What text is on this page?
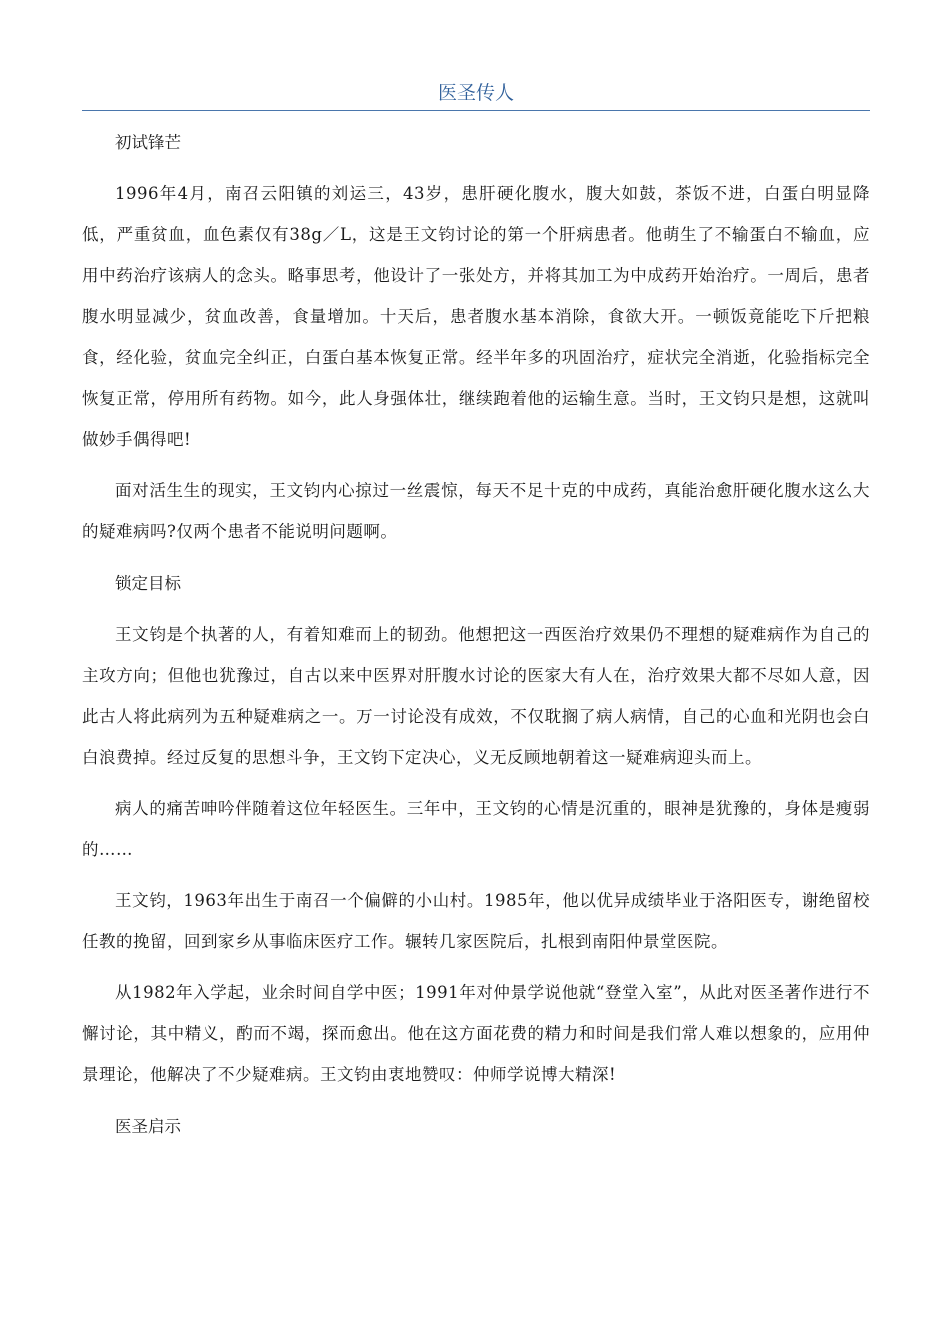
医圣传人
初试锋芒

1996年4月，南召云阳镇的刘运三，43岁，患肝硬化腹水，腹大如鼓，茶饭不进，白蛋白明显降低，严重贫血，血色素仅有38g／L，这是王文钧讨论的第一个肝病患者。他萌生了不输蛋白不输血，应用中药治疗该病人的念头。略事思考，他设计了一张处方，并将其加工为中成药开始治疗。一周后，患者腹水明显减少，贫血改善，食量增加。十天后，患者腹水基本消除，食欲大开。一顿饭竟能吃下斤把粮食，经化验，贫血完全纠正，白蛋白基本恢复正常。经半年多的巩固治疗，症状完全消逝，化验指标完全恢复正常，停用所有药物。如今，此人身强体壮，继续跑着他的运输生意。当时，王文钧只是想，这就叫做妙手偶得吧!

面对活生生的现实，王文钧内心掠过一丝震惊，每天不足十克的中成药，真能治愈肝硬化腹水这么大的疑难病吗?仅两个患者不能说明问题啊。

锁定目标

王文钧是个执著的人，有着知难而上的韧劲。他想把这一西医治疗效果仍不理想的疑难病作为自己的主攻方向；但他也犹豫过，自古以来中医界对肝腹水讨论的医家大有人在，治疗效果大都不尽如人意，因此古人将此病列为五种疑难病之一。万一讨论没有成效，不仅耽搁了病人病情，自己的心血和光阴也会白白浪费掉。经过反复的思想斗争，王文钧下定决心，义无反顾地朝着这一疑难病迎头而上。

病人的痛苦呻吟伴随着这位年轻医生。三年中，王文钧的心情是沉重的，眼神是犹豫的，身体是瘦弱的……

王文钧，1963年出生于南召一个偏僻的小山村。1985年，他以优异成绩毕业于洛阳医专，谢绝留校任教的挽留，回到家乡从事临床医疗工作。辗转几家医院后，扎根到南阳仲景堂医院。

从1982年入学起，业余时间自学中医；1991年对仲景学说他就“登堂入室”，从此对医圣著作进行不懈讨论，其中精义，酌而不竭，探而愈出。他在这方面花费的精力和时间是我们常人难以想象的，应用仲景理论，他解决了不少疑难病。王文钧由衷地赞叹：仲师学说博大精深!

医圣启示
